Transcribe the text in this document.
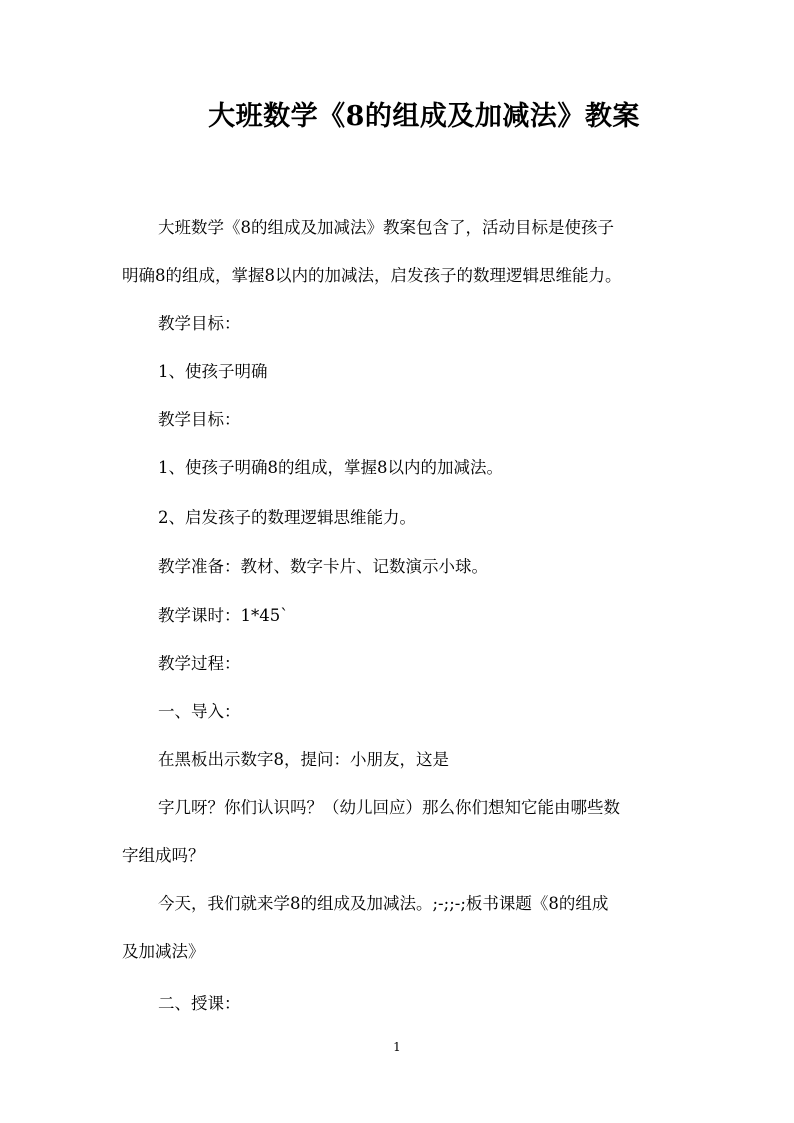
大班数学《8的组成及加减法》教案
大班数学《8的组成及加减法》教案包含了，活动目标是使孩子
明确8的组成，掌握8以内的加减法，启发孩子的数理逻辑思维能力。
教学目标：
1、使孩子明确
教学目标：
1、使孩子明确8的组成，掌握8以内的加减法。
2、启发孩子的数理逻辑思维能力。
教学准备：教材、数字卡片、记数演示小球。
教学课时：1*45`
教学过程：
一、导入：
在黑板出示数字8，提问：小朋友，这是
字几呀？你们认识吗？（幼儿回应）那么你们想知它能由哪些数
字组成吗？
今天，我们就来学8的组成及加减法。;-;;-;板书课题《8的组成
及加减法》
二、授课：
1
